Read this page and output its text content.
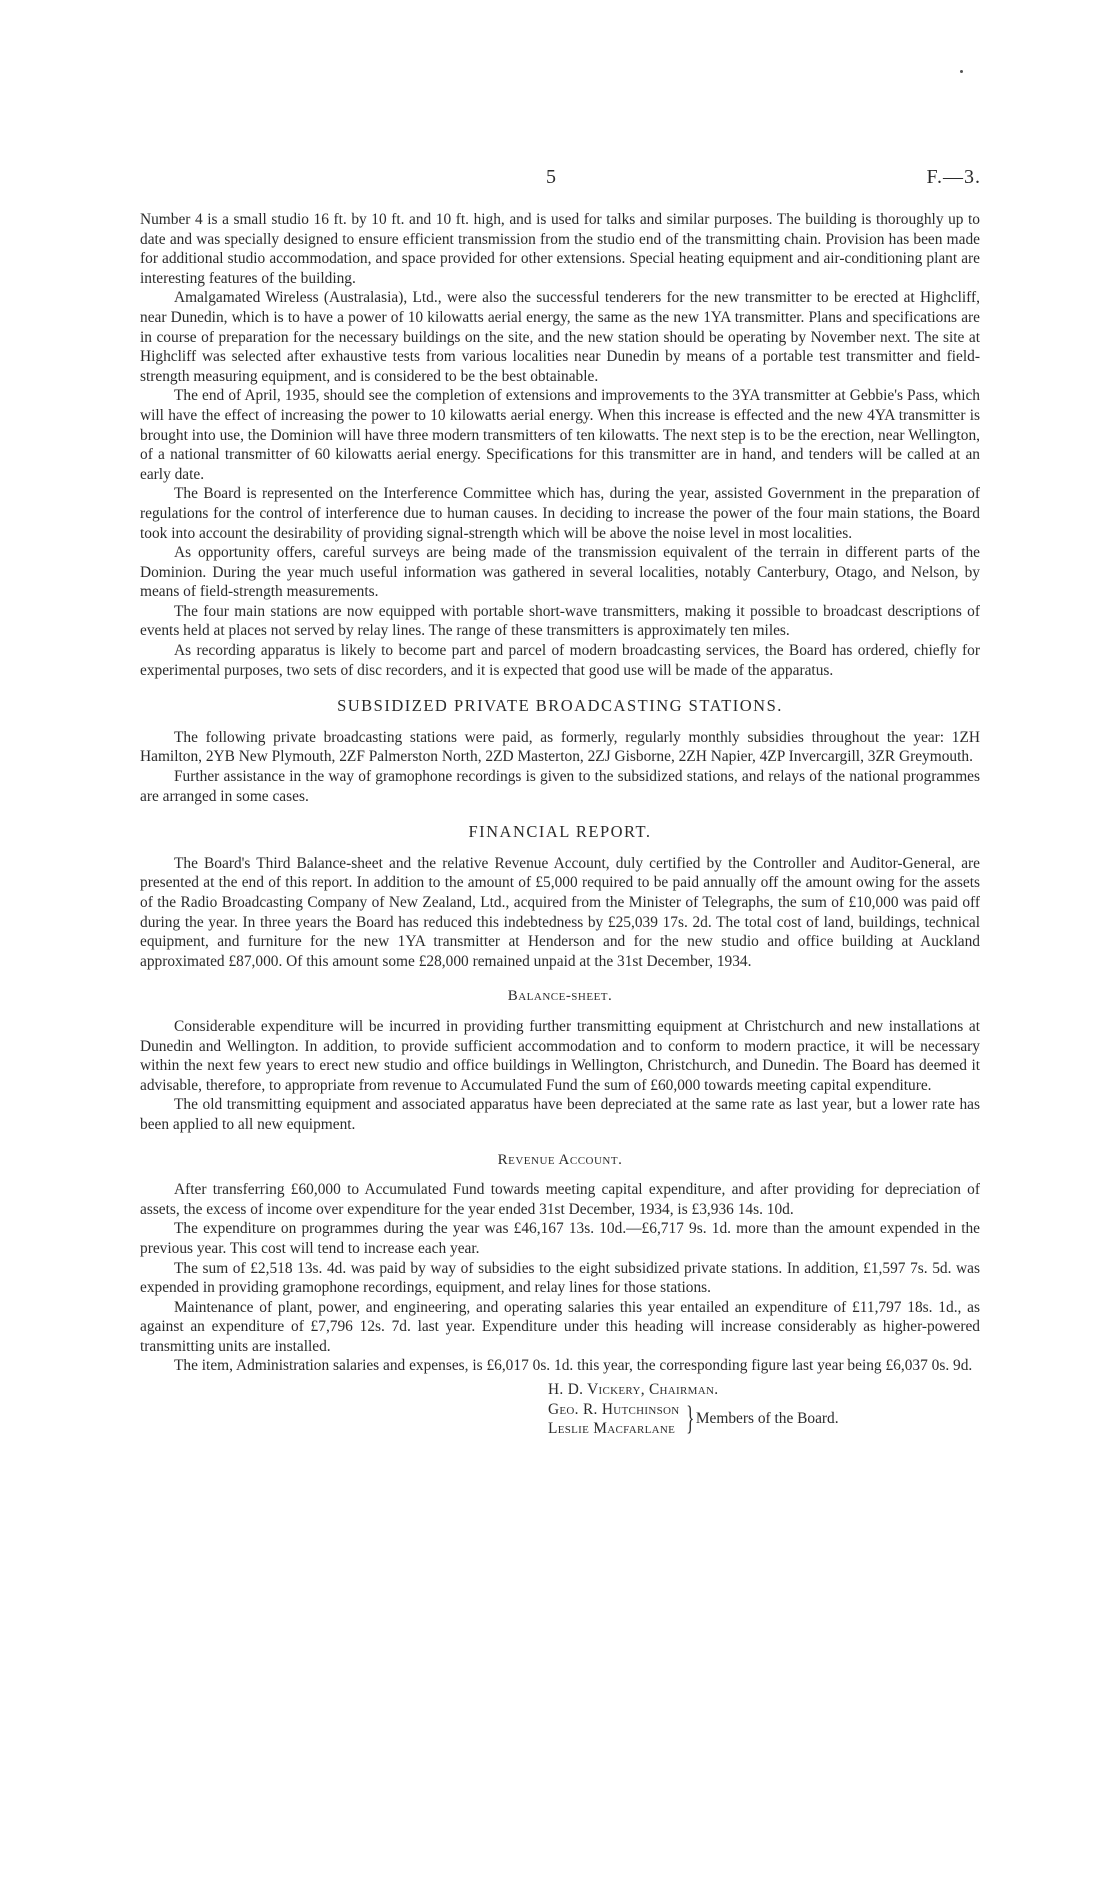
5	F.—3.

Number 4 is a small studio 16 ft. by 10 ft. and 10 ft. high, and is used for talks and similar purposes. The building is thoroughly up to date and was specially designed to ensure efficient transmission from the studio end of the transmitting chain. Provision has been made for additional studio accommodation, and space provided for other extensions. Special heating equipment and air-conditioning plant are interesting features of the building.

Amalgamated Wireless (Australasia), Ltd., were also the successful tenderers for the new transmitter to be erected at Highcliff, near Dunedin, which is to have a power of 10 kilowatts aerial energy, the same as the new 1YA transmitter. Plans and specifications are in course of preparation for the necessary buildings on the site, and the new station should be operating by November next. The site at Highcliff was selected after exhaustive tests from various localities near Dunedin by means of a portable test transmitter and field-strength measuring equipment, and is considered to be the best obtainable.

The end of April, 1935, should see the completion of extensions and improvements to the 3YA transmitter at Gebbie's Pass, which will have the effect of increasing the power to 10 kilowatts aerial energy. When this increase is effected and the new 4YA transmitter is brought into use, the Dominion will have three modern transmitters of ten kilowatts. The next step is to be the erection, near Wellington, of a national transmitter of 60 kilowatts aerial energy. Specifications for this transmitter are in hand, and tenders will be called at an early date.

The Board is represented on the Interference Committee which has, during the year, assisted Government in the preparation of regulations for the control of interference due to human causes. In deciding to increase the power of the four main stations, the Board took into account the desirability of providing signal-strength which will be above the noise level in most localities.

As opportunity offers, careful surveys are being made of the transmission equivalent of the terrain in different parts of the Dominion. During the year much useful information was gathered in several localities, notably Canterbury, Otago, and Nelson, by means of field-strength measurements.

The four main stations are now equipped with portable short-wave transmitters, making it possible to broadcast descriptions of events held at places not served by relay lines. The range of these transmitters is approximately ten miles.

As recording apparatus is likely to become part and parcel of modern broadcasting services, the Board has ordered, chiefly for experimental purposes, two sets of disc recorders, and it is expected that good use will be made of the apparatus.

SUBSIDIZED PRIVATE BROADCASTING STATIONS.

The following private broadcasting stations were paid, as formerly, regularly monthly subsidies throughout the year: 1ZH Hamilton, 2YB New Plymouth, 2ZF Palmerston North, 2ZD Masterton, 2ZJ Gisborne, 2ZH Napier, 4ZP Invercargill, 3ZR Greymouth.

Further assistance in the way of gramophone recordings is given to the subsidized stations, and relays of the national programmes are arranged in some cases.

FINANCIAL REPORT.

The Board's Third Balance-sheet and the relative Revenue Account, duly certified by the Controller and Auditor-General, are presented at the end of this report. In addition to the amount of £5,000 required to be paid annually off the amount owing for the assets of the Radio Broadcasting Company of New Zealand, Ltd., acquired from the Minister of Telegraphs, the sum of £10,000 was paid off during the year. In three years the Board has reduced this indebtedness by £25,039 17s. 2d. The total cost of land, buildings, technical equipment, and furniture for the new 1YA transmitter at Henderson and for the new studio and office building at Auckland approximated £87,000. Of this amount some £28,000 remained unpaid at the 31st December, 1934.

Balance-sheet.

Considerable expenditure will be incurred in providing further transmitting equipment at Christchurch and new installations at Dunedin and Wellington. In addition, to provide sufficient accommodation and to conform to modern practice, it will be necessary within the next few years to erect new studio and office buildings in Wellington, Christchurch, and Dunedin. The Board has deemed it advisable, therefore, to appropriate from revenue to Accumulated Fund the sum of £60,000 towards meeting capital expenditure.

The old transmitting equipment and associated apparatus have been depreciated at the same rate as last year, but a lower rate has been applied to all new equipment.

Revenue Account.

After transferring £60,000 to Accumulated Fund towards meeting capital expenditure, and after providing for depreciation of assets, the excess of income over expenditure for the year ended 31st December, 1934, is £3,936 14s. 10d.

The expenditure on programmes during the year was £46,167 13s. 10d.—£6,717 9s. 1d. more than the amount expended in the previous year. This cost will tend to increase each year.

The sum of £2,518 13s. 4d. was paid by way of subsidies to the eight subsidized private stations. In addition, £1,597 7s. 5d. was expended in providing gramophone recordings, equipment, and relay lines for those stations.

Maintenance of plant, power, and engineering, and operating salaries this year entailed an expenditure of £11,797 18s. 1d., as against an expenditure of £7,796 12s. 7d. last year. Expenditure under this heading will increase considerably as higher-powered transmitting units are installed.

The item, Administration salaries and expenses, is £6,017 0s. 1d. this year, the corresponding figure last year being £6,037 0s. 9d.

H. D. Vickery, Chairman.
Geo. R. Hutchinson
Leslie Macfarlane } Members of the Board.
